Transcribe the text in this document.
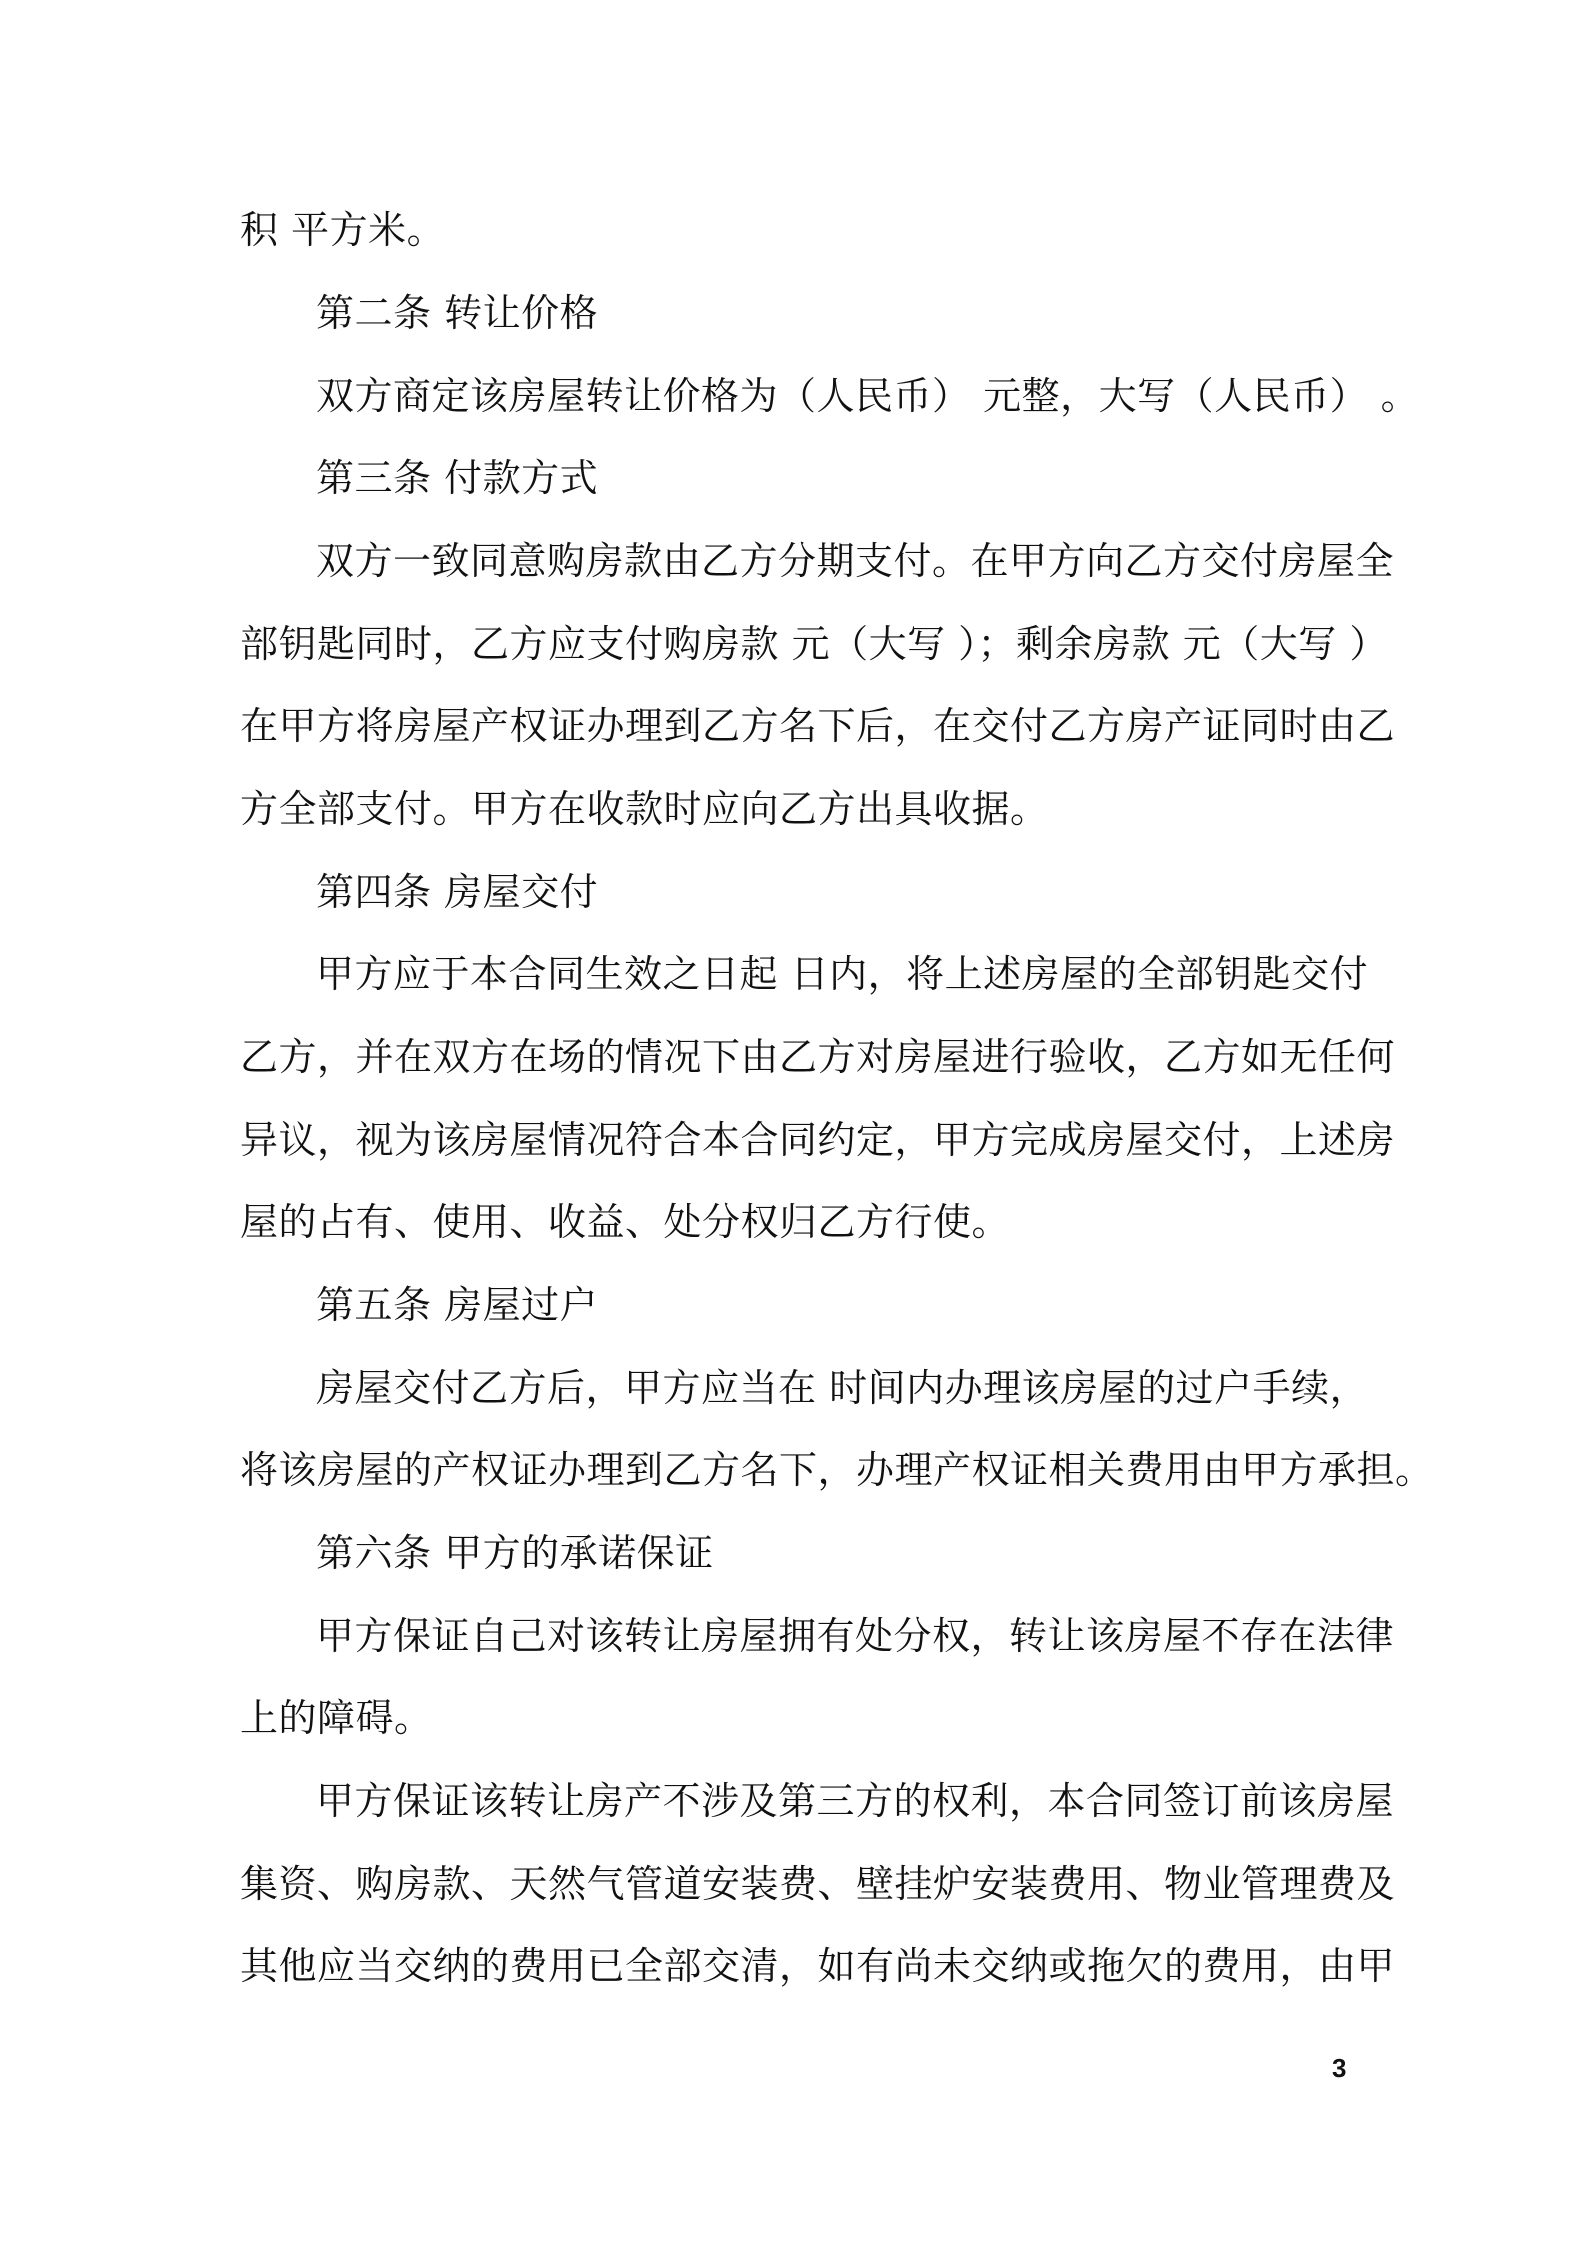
积 平方米。
第二条 转让价格
双方商定该房屋转让价格为（人民币） 元整，大写（人民币） 。
第三条 付款方式
双方一致同意购房款由乙方分期支付。在甲方向乙方交付房屋全
部钥匙同时，乙方应支付购房款 元（大写 ）；剩余房款 元（大写 ）
在甲方将房屋产权证办理到乙方名下后，在交付乙方房产证同时由乙
方全部支付。甲方在收款时应向乙方出具收据。
第四条 房屋交付
甲方应于本合同生效之日起 日内，将上述房屋的全部钥匙交付
乙方，并在双方在场的情况下由乙方对房屋进行验收，乙方如无任何
异议，视为该房屋情况符合本合同约定，甲方完成房屋交付，上述房
屋的占有、使用、收益、处分权归乙方行使。
第五条 房屋过户
房屋交付乙方后，甲方应当在 时间内办理该房屋的过户手续，
将该房屋的产权证办理到乙方名下，办理产权证相关费用由甲方承担。
第六条 甲方的承诺保证
甲方保证自己对该转让房屋拥有处分权，转让该房屋不存在法律
上的障碍。
甲方保证该转让房产不涉及第三方的权利，本合同签订前该房屋
集资、购房款、天然气管道安装费、壁挂炉安装费用、物业管理费及
其他应当交纳的费用已全部交清，如有尚未交纳或拖欠的费用，由甲
3
